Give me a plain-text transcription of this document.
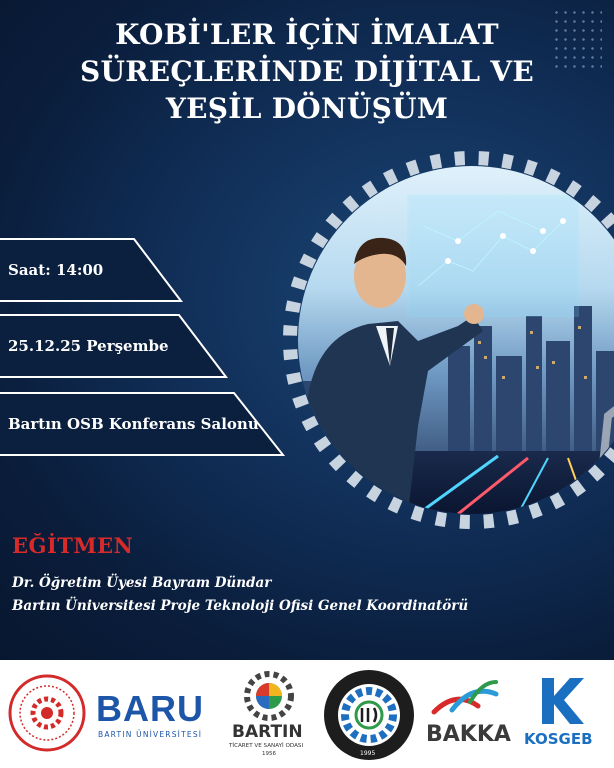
KOBİ'LER İÇİN İMALAT
SÜREÇLERİNDE DİJİTAL VE
YEŞİL DÖNÜŞÜM
Saat: 14:00
25.12.25 Perşembe
Bartın OSB Konferans Salonu
EĞİTMEN
Dr. Öğretim Üyesi Bayram Dündar
Bartın Üniversitesi Proje Teknoloji Ofisi Genel Koordinatörü
BARU
BARTIN ÜNİVERSİTESİ BARTIN
TİCARET VE SANAYİ ODASI
1956	1995
BAKKA KOSGEB
